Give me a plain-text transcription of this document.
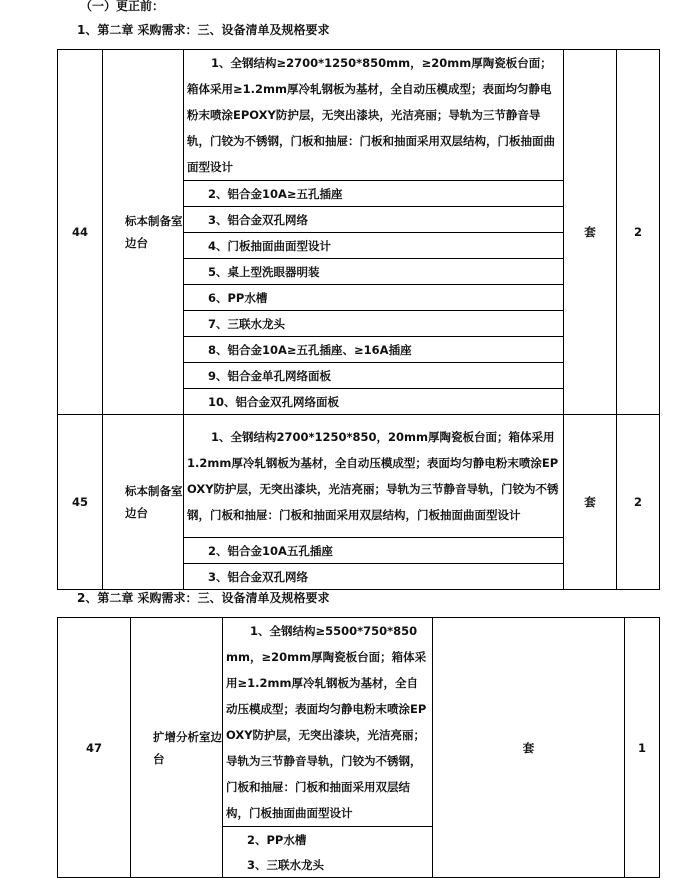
（一）更正前：
1、第二章 采购需求：三、设备清单及规格要求
44	标本制备室边台	1、全钢结构≥2700*1250*850mm，≥20mm厚陶瓷板台面；箱体采用≥1.2mm厚冷轧钢板为基材，全自动压模成型；表面均匀静电粉末喷涂EPOXY防护层，无突出漆块，光洁亮丽；导轨为三节静音导轨，门铰为不锈钢，门板和抽屉：门板和抽面采用双层结构，门板抽面曲面型设计	套	2
		2、铝合金10A≥五孔插座		
		3、铝合金双孔网络		
		4、门板抽面曲面型设计		
		5、桌上型洗眼器明装		
		6、PP水槽		
		7、三联水龙头		
		8、铝合金10A≥五孔插座、≥16A插座		
		9、铝合金单孔网络面板		
		10、铝合金双孔网络面板		
45	标本制备室边台	1、全钢结构2700*1250*850，20mm厚陶瓷板台面；箱体采用1.2mm厚冷轧钢板为基材，全自动压模成型；表面均匀静电粉末喷涂EPOXY防护层，无突出漆块，光洁亮丽；导轨为三节静音导轨，门铰为不锈钢，门板和抽屉：门板和抽面采用双层结构，门板抽面曲面型设计	套	2
		2、铝合金10A五孔插座		
		3、铝合金双孔网络		
2、第二章 采购需求：三、设备清单及规格要求
47	扩增分析室边台	1、全钢结构≥5500*750*850mm，≥20mm厚陶瓷板台面；箱体采用≥1.2mm厚冷轧钢板为基材，全自动压模成型；表面均匀静电粉末喷涂EPOXY防护层，无突出漆块，光洁亮丽；导轨为三节静音导轨，门铰为不锈钢，门板和抽屉：门板和抽面采用双层结构，门板抽面曲面型设计	套	1
2、PP水槽
3、三联水龙头
